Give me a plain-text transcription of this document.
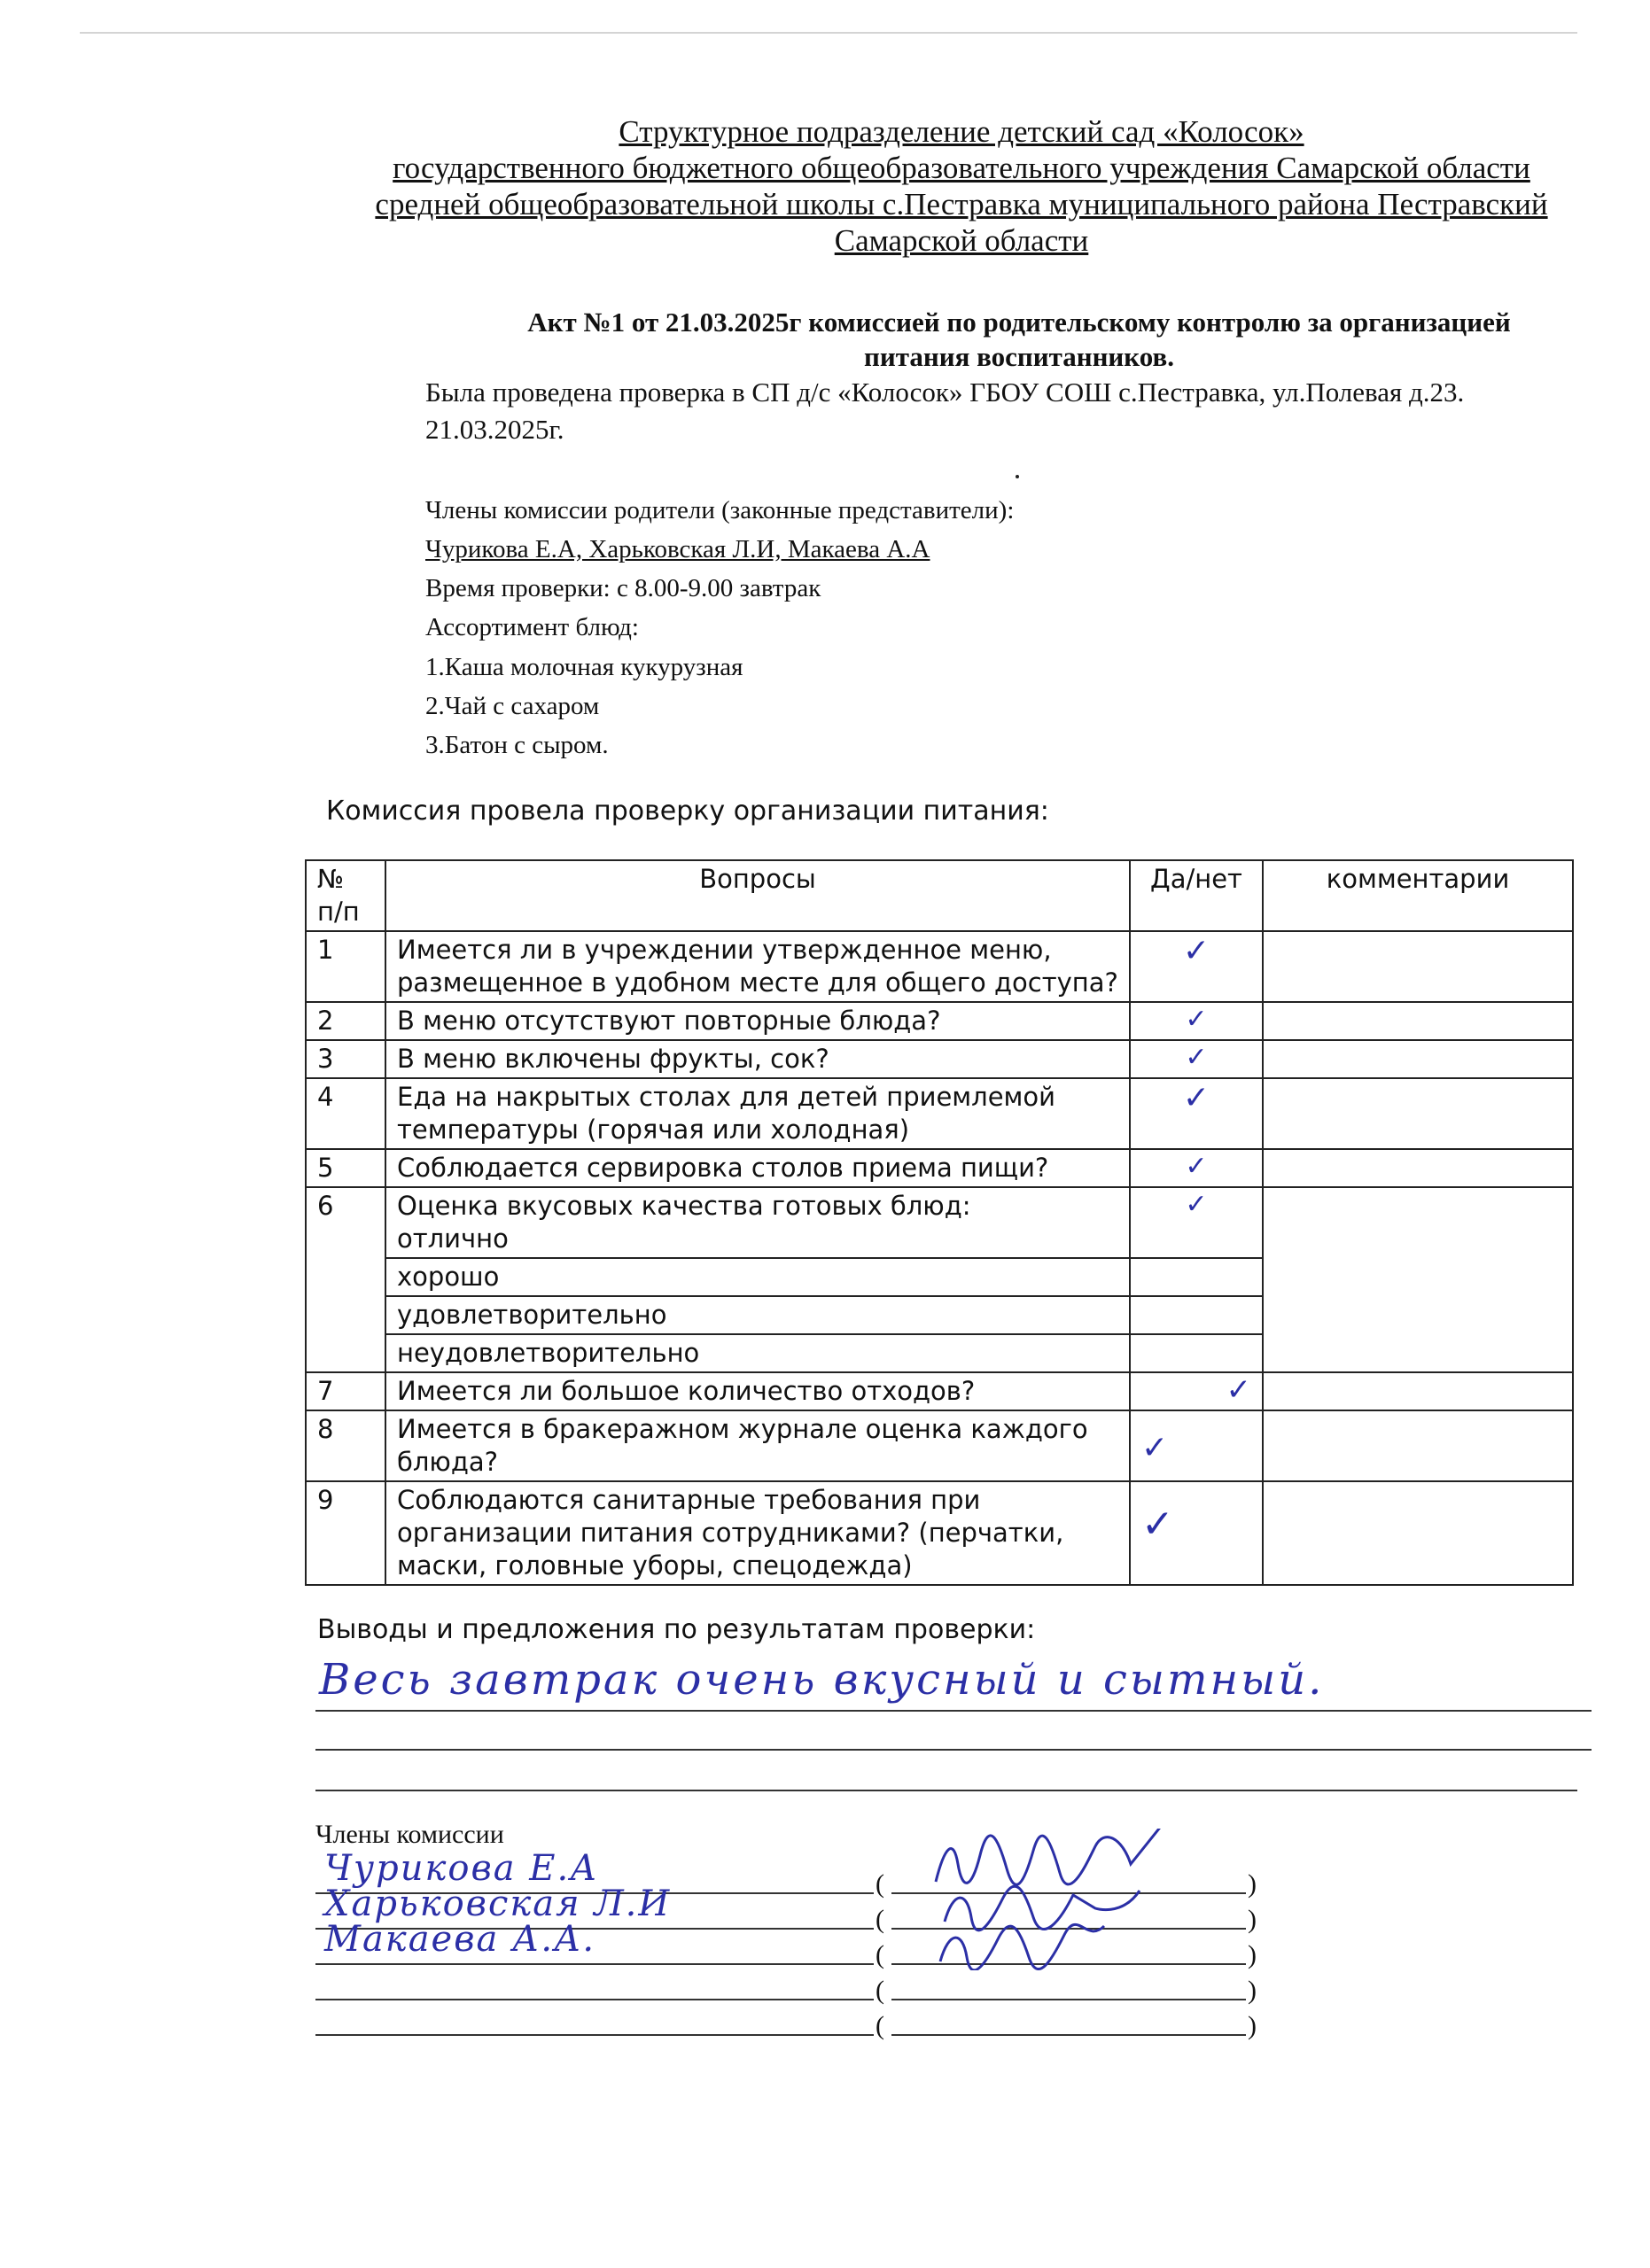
Структурное подразделение детский сад «Колосок»
государственного бюджетного общеобразовательного учреждения Самарской области
средней общеобразовательной школы с.Пестравка муниципального района Пестравский
Самарской области
Акт №1 от 21.03.2025г комиссией по родительскому контролю за организацией
питания воспитанников.
Была проведена проверка в СП д/с «Колосок» ГБОУ СОШ с.Пестравка, ул.Полевая д.23.
21.03.2025г.
Члены комиссии родители (законные представители):
Чурикова Е.А, Харьковская Л.И, Макаева А.А
Время проверки: с 8.00-9.00 завтрак
Ассортимент блюд:
1.Каша молочная кукурузная
2.Чай с сахаром
3.Батон с сыром.
Комиссия провела проверку организации питания:
№ п/п	Вопросы	Да/нет	комментарии
1	Имеется ли в учреждении утвержденное меню, размещенное в удобном месте для общего доступа?	✓	

2	В меню отсутствуют повторные блюда?	✓	

3	В меню включены фрукты, сок?	✓	

4	Еда на накрытых столах для детей приемлемой температуры (горячая или холодная)	✓	

5	Соблюдается сервировка столов приема пищи?	✓	

6	Оценка вкусовых качества готовых блюд:
отлично	✓	

	хорошо		
	удовлетворительно		
	неудовлетворительно		
7	Имеется ли большое количество отходов?	✓	

8	Имеется в бракеражном журнале оценка каждого блюда?	✓	

9	Соблюдаются санитарные требования при организации питания сотрудниками? (перчатки, маски, головные уборы, спецодежда)	✓	

Выводы и предложения по результатам проверки:
Весь завтрак очень вкусный и сытный.
Члены комиссии
Чурикова Е.А	(	)
Харьковская Л.И	(	)
Макаева А.А.	(	)
(	)
(	)
